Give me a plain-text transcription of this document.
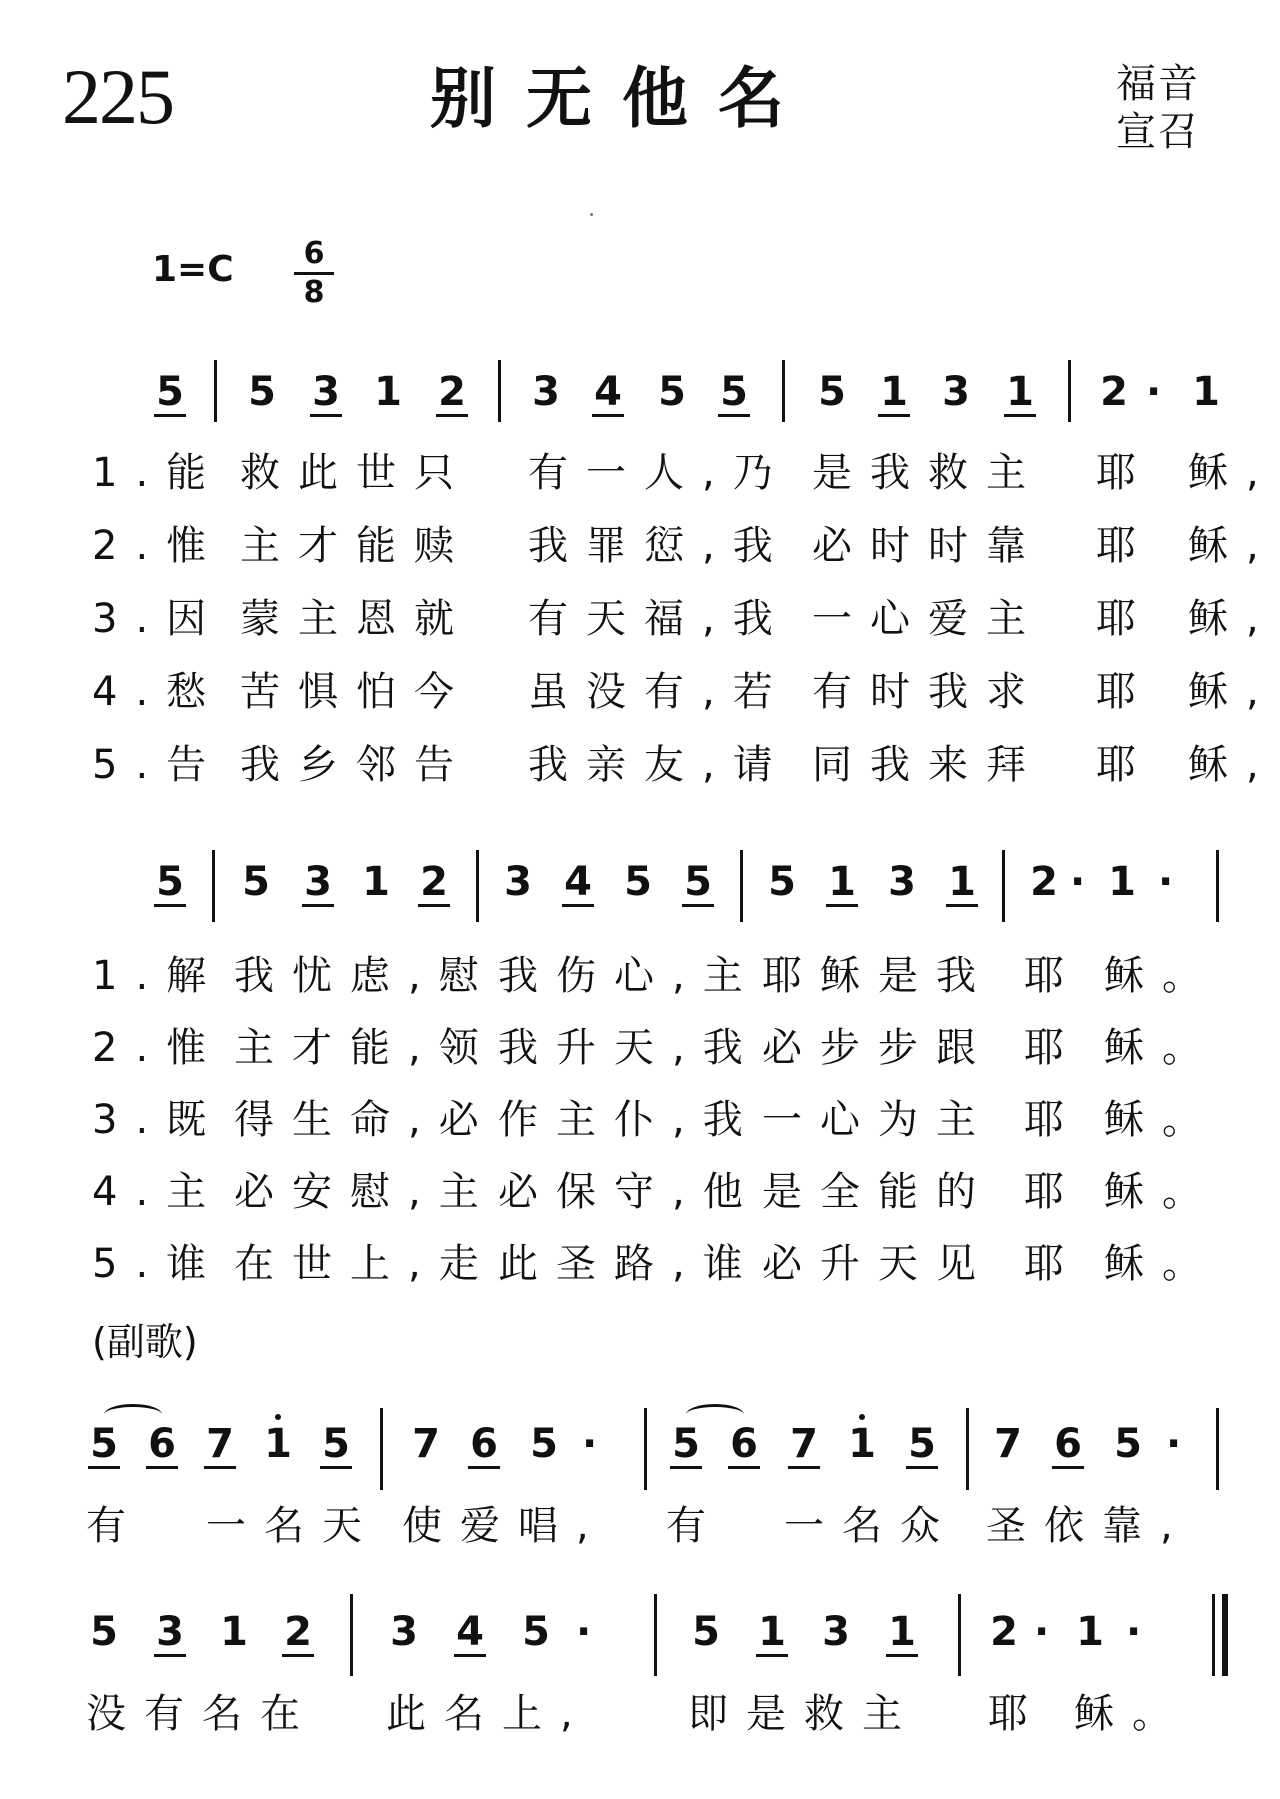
225	别无他名	福音
宣召
$1=C \frac{6}{8}$
5 5 3 1 2 3 4 5 5 5 1 3 1 2 · 1
1.能 救此世只 有一人,乃 是我救主 耶 稣,
2.惟 主才能赎 我罪愆,我 必时时靠 耶 稣,
3.因 蒙主恩就 有天福,我 一心爱主 耶 稣,
4.愁 苦惧怕今 虽没有,若 有时我求 耶 稣,
5.告 我乡邻告 我亲友,请 同我来拜 耶 稣,
5 5 3 1 2 3 4 5 5 5 1 3 1 2 · 1 ·
1.解 我忧虑,慰 我伤心,主 耶稣是我 耶 稣。
2.惟 主才能,领 我升天,我 必步步跟 耶 稣。
3.既 得生命,必 作主仆,我 一心为主 耶 稣。
4.主 必安慰,主 必保守,他 是全能的 耶 稣。
5.谁 在世上,走 此圣路,谁 必升天见 耶 稣。
(副歌)
5 6 7 1 5 7 6 5 · 5 6 7 1 5 7 6 5 ·
有 一名天 使爱唱, 有 一名众 圣依靠,
5 3 1 2 3 4 5 ·	5 1 3 1 2 · 1 ·
没有名在 此名上, 即是救主 耶 稣。
